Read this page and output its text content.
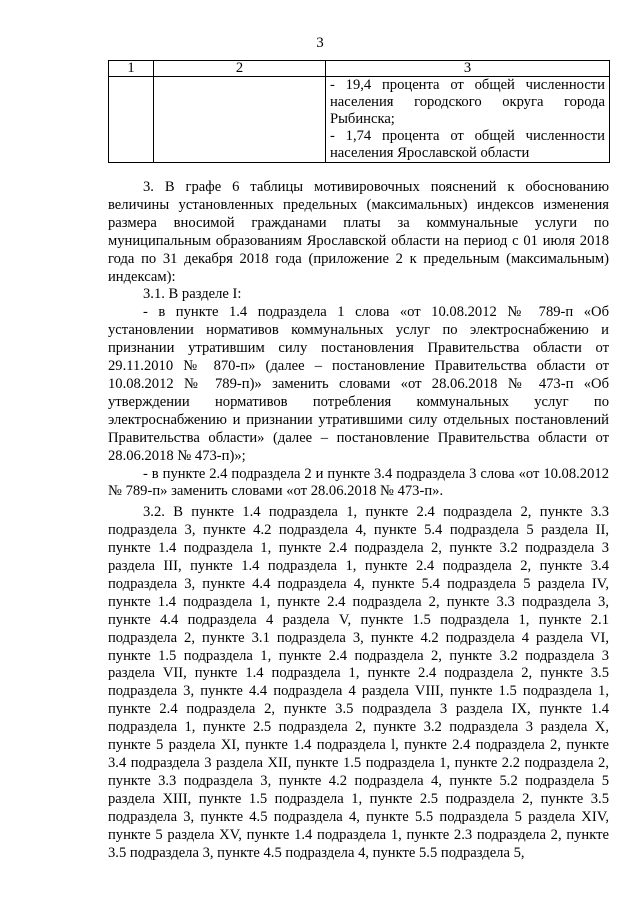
3
1	2	3

		- 19,4 процента от общей численности
населения городского округа города
Рыбинска;
- 1,74 процента от общей численности
населения Ярославской области

3. В графе 6 таблицы мотивировочных пояснений к обоснованию величины установленных предельных (максимальных) индексов изменения размера вносимой гражданами платы за коммунальные услуги по муниципальным образованиям Ярославской области на период с 01 июля 2018 года по 31 декабря 2018 года (приложение 2 к предельным (максимальным) индексам):

3.1. В разделе I:

- в пункте 1.4 подраздела 1 слова «от 10.08.2012 № 789-п «Об установлении нормативов коммунальных услуг по электроснабжению и признании утратившим силу постановления Правительства области от 29.11.2010 № 870-п» (далее – постановление Правительства области от 10.08.2012 № 789-п)» заменить словами «от 28.06.2018 № 473-п «Об утверждении нормативов потребления коммунальных услуг по электроснабжению и признании утратившими силу отдельных постановлений Правительства области» (далее – постановление Правительства области от 28.06.2018 № 473-п)»;

- в пункте 2.4 подраздела 2 и пункте 3.4 подраздела 3 слова «от 10.08.2012 № 789-п» заменить словами «от 28.06.2018 № 473-п».

3.2. В пункте 1.4 подраздела 1, пункте 2.4 подраздела 2, пункте 3.3 подраздела 3, пункте 4.2 подраздела 4, пункте 5.4 подраздела 5 раздела II, пункте 1.4 подраздела 1, пункте 2.4 подраздела 2, пункте 3.2 подраздела 3 раздела III, пункте 1.4 подраздела 1, пункте 2.4 подраздела 2, пункте 3.4 подраздела 3, пункте 4.4 подраздела 4, пункте 5.4 подраздела 5 раздела IV, пункте 1.4 подраздела 1, пункте 2.4 подраздела 2, пункте 3.3 подраздела 3, пункте 4.4 подраздела 4 раздела V, пункте 1.5 подраздела 1, пункте 2.1 подраздела 2, пункте 3.1 подраздела 3, пункте 4.2 подраздела 4 раздела VI, пункте 1.5 подраздела 1, пункте 2.4 подраздела 2, пункте 3.2 подраздела 3 раздела VII, пункте 1.4 подраздела 1, пункте 2.4 подраздела 2, пункте 3.5 подраздела 3, пункте 4.4 подраздела 4 раздела VIII, пункте 1.5 подраздела 1, пункте 2.4 подраздела 2, пункте 3.5 подраздела 3 раздела IX, пункте 1.4 подраздела 1, пункте 2.5 подраздела 2, пункте 3.2 подраздела 3 раздела X, пункте 5 раздела XI, пункте 1.4 подраздела l, пункте 2.4 подраздела 2, пункте 3.4 подраздела 3 раздела XII, пункте 1.5 подраздела 1, пункте 2.2 подраздела 2, пункте 3.3 подраздела 3, пункте 4.2 подраздела 4, пункте 5.2 подраздела 5 раздела XIII, пункте 1.5 подраздела 1, пункте 2.5 подраздела 2, пункте 3.5 подраздела 3, пункте 4.5 подраздела 4, пункте 5.5 подраздела 5 раздела XIV, пункте 5 раздела XV, пункте 1.4 подраздела 1, пункте 2.3 подраздела 2, пункте 3.5 подраздела 3, пункте 4.5 подраздела 4, пункте 5.5 подраздела 5,
